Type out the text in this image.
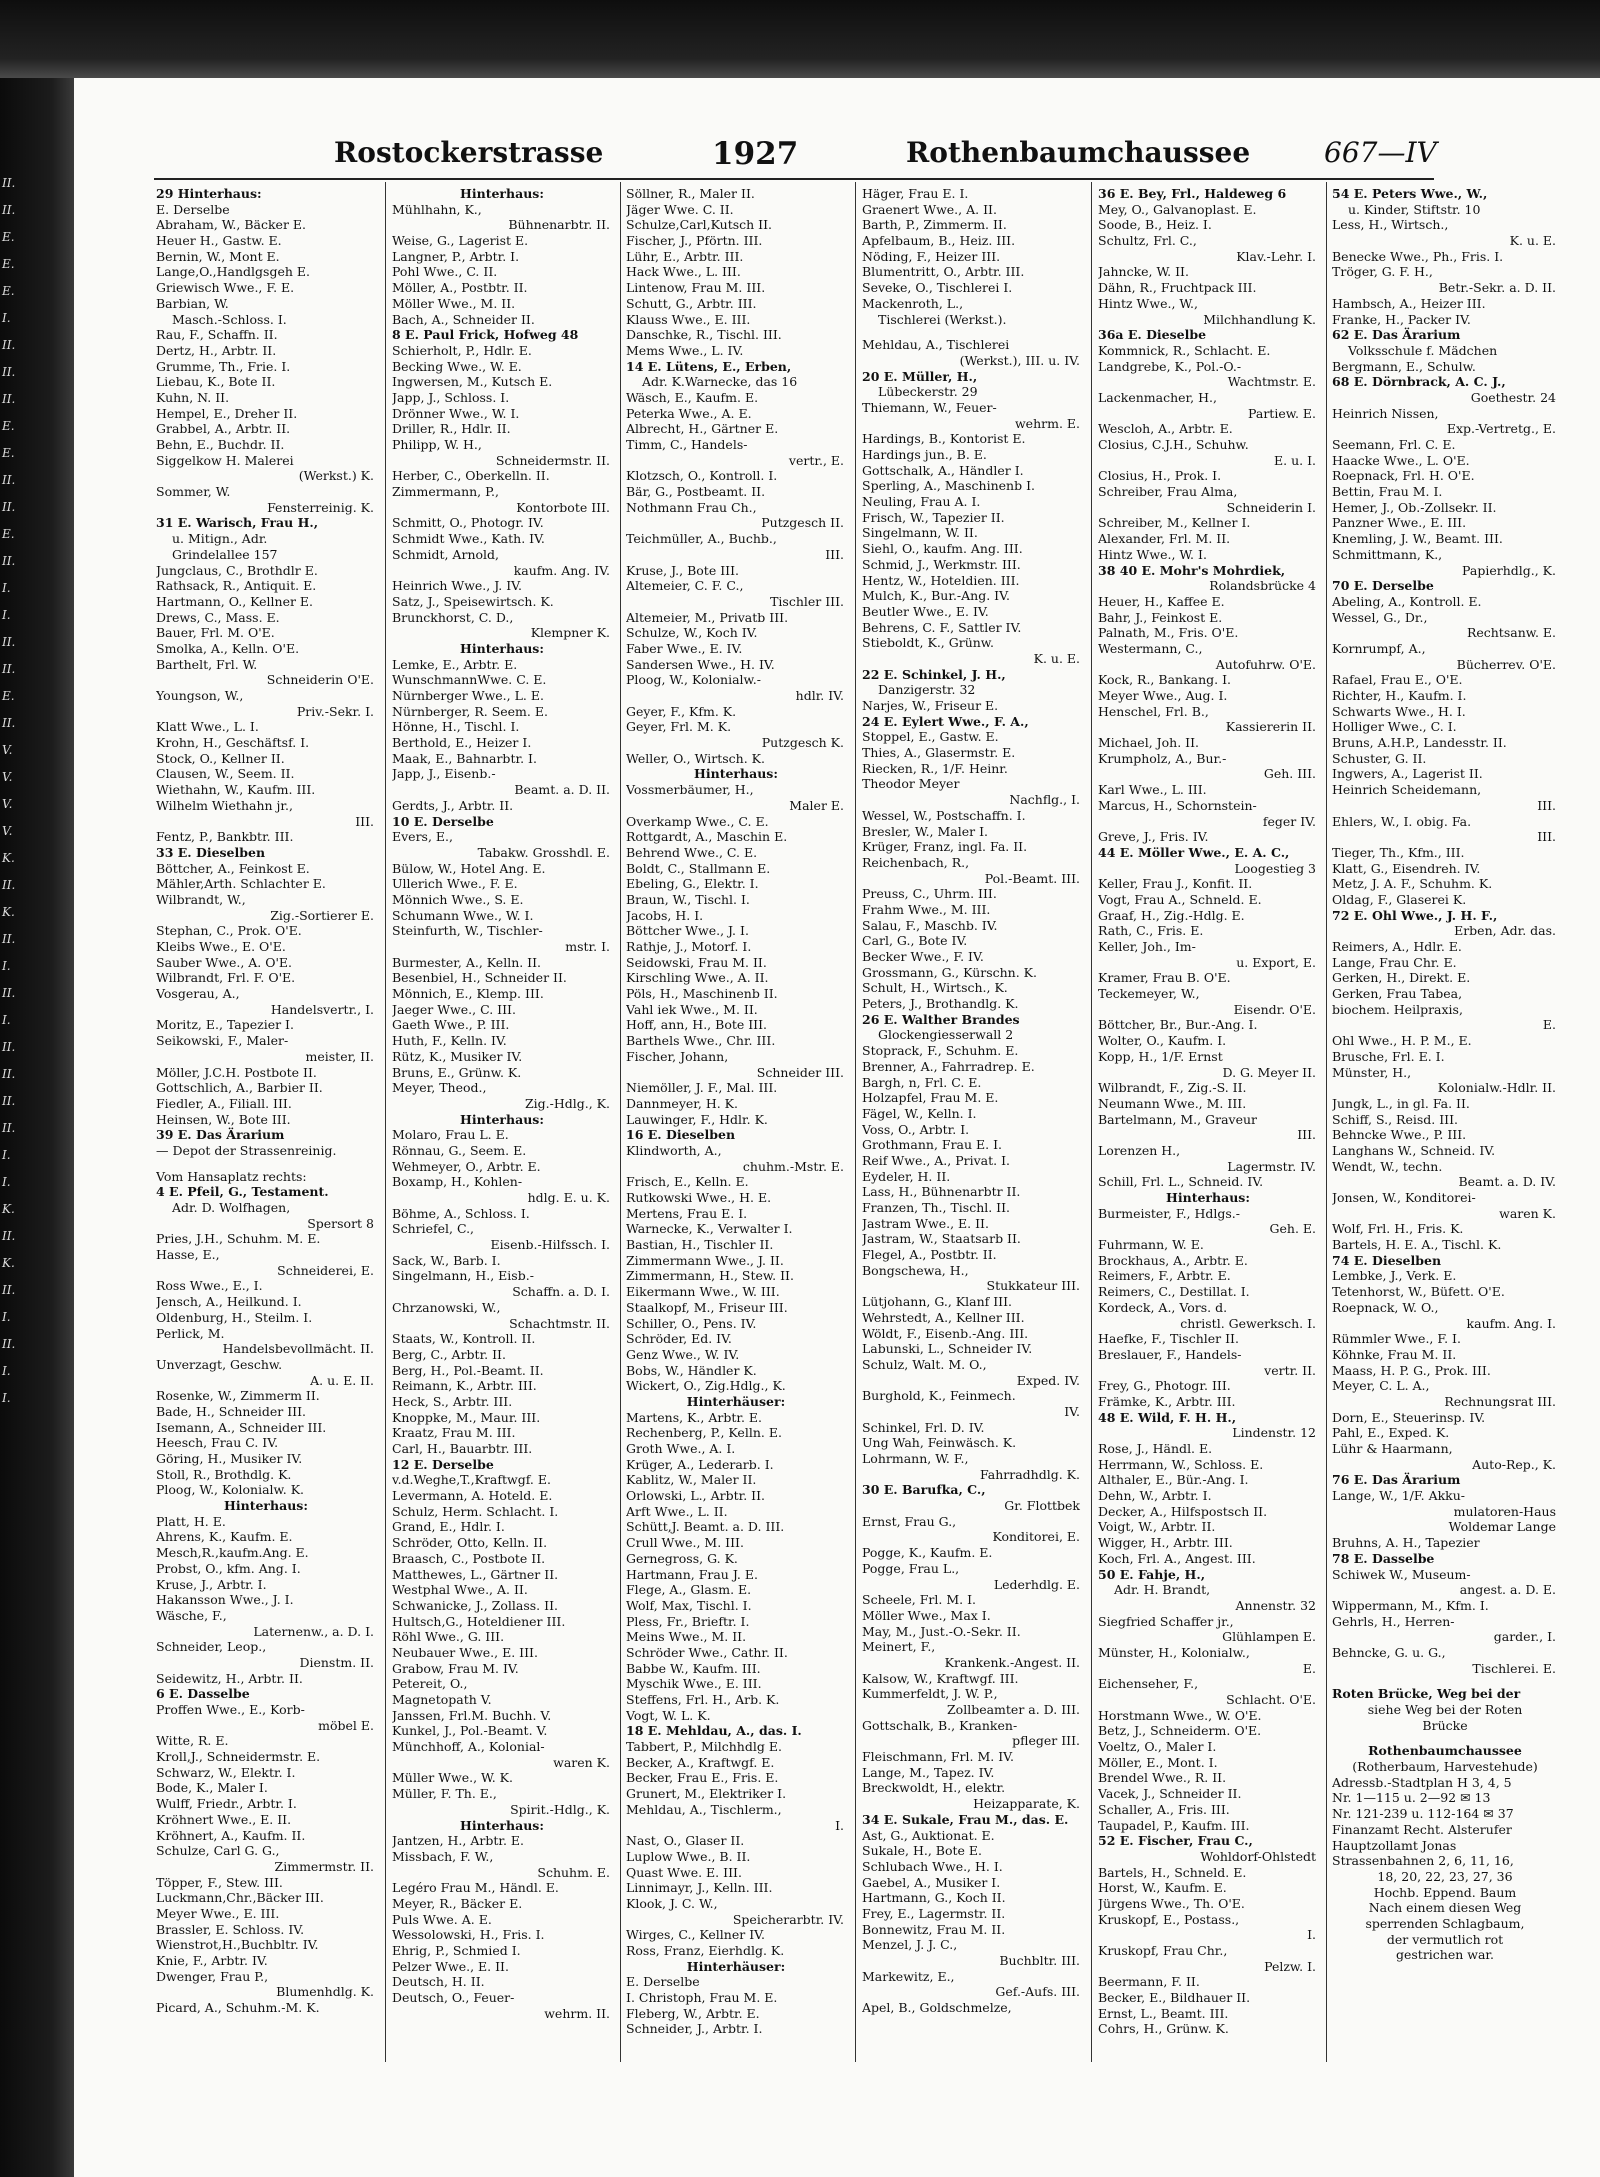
II.
II.
E.
E.
E.
I.
II.
II.
II.
E.
E.
II.
II.
E.
II.
I.
I.
II.
II.
E.
II.
V.
V.
V.
V.
K.
II.
K.
II.
I.
II.
I.
II.
II.
II.
II.
I.
I.
K.
II.
K.
II.
I.
II.
I.
I.
Rostockerstrasse	1927	Rothenbaumchaussee	667—IV
29 Hinterhaus:
E. Derselbe
Abraham, W., Bäcker E.
Heuer H., Gastw. E.
Bernin, W., Mont E.
Lange,O.,Handlgsgeh E.
Griewisch Wwe., F. E.
Barbian, W.
Masch.-Schloss. I.
Rau, F., Schaffn. II.
Dertz, H., Arbtr. II.
Grumme, Th., Frie. I.
Liebau, K., Bote II.
Kuhn, N. II.
Hempel, E., Dreher II.
Grabbel, A., Arbtr. II.
Behn, E., Buchdr. II.
Siggelkow H. Malerei
(Werkst.) K.
Sommer, W.
Fensterreinig. K.
31 E. Warisch, Frau H.,
u. Mitign., Adr.
Grindelallee 157
Jungclaus, C., Brothdlr E.
Rathsack, R., Antiquit. E.
Hartmann, O., Kellner E.
Drews, C., Mass. E.
Bauer, Frl. M. O'E.
Smolka, A., Kelln. O'E.
Barthelt, Frl. W.
Schneiderin O'E.
Youngson, W.,
Priv.-Sekr. I.
Klatt Wwe., L. I.
Krohn, H., Geschäftsf. I.
Stock, O., Kellner II.
Clausen, W., Seem. II.
Wiethahn, W., Kaufm. III.
Wilhelm Wiethahn jr.,
III.
Fentz, P., Bankbtr. III.
33 E. Dieselben
Böttcher, A., Feinkost E.
Mähler,Arth. Schlachter E.
Wilbrandt, W.,
Zig.-Sortierer E.
Stephan, C., Prok. O'E.
Kleibs Wwe., E. O'E.
Sauber Wwe., A. O'E.
Wilbrandt, Frl. F. O'E.
Vosgerau, A.,
Handelsvertr., I.
Moritz, E., Tapezier I.
Seikowski, F., Maler-
meister, II.
Möller, J.C.H. Postbote II.
Gottschlich, A., Barbier II.
Fiedler, A., Filiall. III.
Heinsen, W., Bote III.
39 E. Das Ärarium
— Depot der Strassenreinig.
Vom Hansaplatz rechts:
4 E. Pfeil, G., Testament.
Adr. D. Wolfhagen,
Spersort 8
Pries, J.H., Schuhm. M. E.
Hasse, E.,
Schneiderei, E.
Ross Wwe., E., I.
Jensch, A., Heilkund. I.
Oldenburg, H., Steilm. I.
Perlick, M.
Handelsbevollmächt. II.
Unverzagt, Geschw.
A. u. E. II.
Rosenke, W., Zimmerm II.
Bade, H., Schneider III.
Isemann, A., Schneider III.
Heesch, Frau C. IV.
Göring, H., Musiker IV.
Stoll, R., Brothdlg. K.
Ploog, W., Kolonialw. K.
Hinterhaus:
Platt, H. E.
Ahrens, K., Kaufm. E.
Mesch,R.,kaufm.Ang. E.
Probst, O., kfm. Ang. I.
Kruse, J., Arbtr. I.
Hakansson Wwe., J. I.
Wäsche, F.,
Laternenw., a. D. I.
Schneider, Leop.,
Dienstm. II.
Seidewitz, H., Arbtr. II.
6 E. Dasselbe
Proffen Wwe., E., Korb-
möbel E.
Witte, R. E.
Kroll,J., Schneidermstr. E.
Schwarz, W., Elektr. I.
Bode, K., Maler I.
Wulff, Friedr., Arbtr. I.
Kröhnert Wwe., E. II.
Kröhnert, A., Kaufm. II.
Schulze, Carl G. G.,
Zimmermstr. II.
Töpper, F., Stew. III.
Luckmann,Chr.,Bäcker III.
Meyer Wwe., E. III.
Brassler, E. Schloss. IV.
Wienstrot,H.,Buchbltr. IV.
Knie, F., Arbtr. IV.
Dwenger, Frau P.,
Blumenhdlg. K.
Picard, A., Schuhm.-M. K.
Hinterhaus:
Mühlhahn, K.,
Bühnenarbtr. II.
Weise, G., Lagerist E.
Langner, P., Arbtr. I.
Pohl Wwe., C. II.
Möller, A., Postbtr. II.
Möller Wwe., M. II.
Bach, A., Schneider II.
8 E. Paul Frick, Hofweg 48
Schierholt, P., Hdlr. E.
Becking Wwe., W. E.
Ingwersen, M., Kutsch E.
Japp, J., Schloss. I.
Drönner Wwe., W. I.
Driller, R., Hdlr. II.
Philipp, W. H.,
Schneidermstr. II.
Herber, C., Oberkelln. II.
Zimmermann, P.,
Kontorbote III.
Schmitt, O., Photogr. IV.
Schmidt Wwe., Kath. IV.
Schmidt, Arnold,
kaufm. Ang. IV.
Heinrich Wwe., J. IV.
Satz, J., Speisewirtsch. K.
Brunckhorst, C. D.,
Klempner K.
Hinterhaus:
Lemke, E., Arbtr. E.
WunschmannWwe. C. E.
Nürnberger Wwe., L. E.
Nürnberger, R. Seem. E.
Hönne, H., Tischl. I.
Berthold, E., Heizer I.
Maak, E., Bahnarbtr. I.
Japp, J., Eisenb.-
Beamt. a. D. II.
Gerdts, J., Arbtr. II.
10 E. Derselbe
Evers, E.,
Tabakw. Grosshdl. E.
Bülow, W., Hotel Ang. E.
Ullerich Wwe., F. E.
Mönnich Wwe., S. E.
Schumann Wwe., W. I.
Steinfurth, W., Tischler-
mstr. I.
Burmester, A., Kelln. II.
Besenbiel, H., Schneider II.
Mönnich, E., Klemp. III.
Jaeger Wwe., C. III.
Gaeth Wwe., P. III.
Huth, F., Kelln. IV.
Rütz, K., Musiker IV.
Bruns, E., Grünw. K.
Meyer, Theod.,
Zig.-Hdlg., K.
Hinterhaus:
Molaro, Frau L. E.
Rönnau, G., Seem. E.
Wehmeyer, O., Arbtr. E.
Boxamp, H., Kohlen-
hdlg. E. u. K.
Böhme, A., Schloss. I.
Schriefel, C.,
Eisenb.-Hilfssch. I.
Sack, W., Barb. I.
Singelmann, H., Eisb.-
Schaffn. a. D. I.
Chrzanowski, W.,
Schachtmstr. II.
Staats, W., Kontroll. II.
Berg, C., Arbtr. II.
Berg, H., Pol.-Beamt. II.
Reimann, K., Arbtr. III.
Heck, S., Arbtr. III.
Knoppke, M., Maur. III.
Kraatz, Frau M. III.
Carl, H., Bauarbtr. III.
12 E. Derselbe
v.d.Weghe,T.,Kraftwgf. E.
Levermann, A. Hoteld. E.
Schulz, Herm. Schlacht. I.
Grand, E., Hdlr. I.
Schröder, Otto, Kelln. II.
Braasch, C., Postbote II.
Matthewes, L., Gärtner II.
Westphal Wwe., A. II.
Schwanicke, J., Zollass. II.
Hultsch,G., Hoteldiener III.
Röhl Wwe., G. III.
Neubauer Wwe., E. III.
Grabow, Frau M. IV.
Petereit, O.,
Magnetopath V.
Janssen, Frl.M. Buchh. V.
Kunkel, J., Pol.-Beamt. V.
Münchhoff, A., Kolonial-
waren K.
Müller Wwe., W. K.
Müller, F. Th. E.,
Spirit.-Hdlg., K.
Hinterhaus:
Jantzen, H., Arbtr. E.
Missbach, F. W.,
Schuhm. E.
Legéro Frau M., Händl. E.
Meyer, R., Bäcker E.
Puls Wwe. A. E.
Wessolowski, H., Fris. I.
Ehrig, P., Schmied I.
Pelzer Wwe., E. II.
Deutsch, H. II.
Deutsch, O., Feuer-
wehrm. II.
Söllner, R., Maler II.
Jäger Wwe. C. II.
Schulze,Carl,Kutsch II.
Fischer, J., Pförtn. III.
Lühr, E., Arbtr. III.
Hack Wwe., L. III.
Lintenow, Frau M. III.
Schutt, G., Arbtr. III.
Klauss Wwe., E. III.
Danschke, R., Tischl. III.
Mems Wwe., L. IV.
14 E. Lütens, E., Erben,
Adr. K.Warnecke, das 16
Wäsch, E., Kaufm. E.
Peterka Wwe., A. E.
Albrecht, H., Gärtner E.
Timm, C., Handels-
vertr., E.
Klotzsch, O., Kontroll. I.
Bär, G., Postbeamt. II.
Nothmann Frau Ch.,
Putzgesch II.
Teichmüller, A., Buchb.,
III.
Kruse, J., Bote III.
Altemeier, C. F. C.,
Tischler III.
Altemeier, M., Privatb III.
Schulze, W., Koch IV.
Faber Wwe., E. IV.
Sandersen Wwe., H. IV.
Ploog, W., Kolonialw.-
hdlr. IV.
Geyer, F., Kfm. K.
Geyer, Frl. M. K.
Putzgesch K.
Weller, O., Wirtsch. K.
Hinterhaus:
Vossmerbäumer, H.,
Maler E.
Overkamp Wwe., C. E.
Rottgardt, A., Maschin E.
Behrend Wwe., C. E.
Boldt, C., Stallmann E.
Ebeling, G., Elektr. I.
Braun, W., Tischl. I.
Jacobs, H. I.
Böttcher Wwe., J. I.
Rathje, J., Motorf. I.
Seidowski, Frau M. II.
Kirschling Wwe., A. II.
Pöls, H., Maschinenb II.
Vahl iek Wwe., M. II.
Hoff, ann, H., Bote III.
Barthels Wwe., Chr. III.
Fischer, Johann,
Schneider III.
Niemöller, J. F., Mal. III.
Dannmeyer, H. K.
Lauwinger, F., Hdlr. K.
16 E. Dieselben
Klindworth, A.,
chuhm.-Mstr. E.
Frisch, E., Kelln. E.
Rutkowski Wwe., H. E.
Mertens, Frau E. I.
Warnecke, K., Verwalter I.
Bastian, H., Tischler II.
Zimmermann Wwe., J. II.
Zimmermann, H., Stew. II.
Eikermann Wwe., W. III.
Staalkopf, M., Friseur III.
Schiller, O., Pens. IV.
Schröder, Ed. IV.
Genz Wwe., W. IV.
Bobs, W., Händler K.
Wickert, O., Zig.Hdlg., K.
Hinterhäuser:
Martens, K., Arbtr. E.
Rechenberg, P., Kelln. E.
Groth Wwe., A. I.
Krüger, A., Lederarb. I.
Kablitz, W., Maler II.
Orlowski, L., Arbtr. II.
Arft Wwe., L. II.
Schütt,J. Beamt. a. D. III.
Crull Wwe., M. III.
Gernegross, G. K.
Hartmann, Frau J. E.
Flege, A., Glasm. E.
Wolf, Max, Tischl. I.
Pless, Fr., Brieftr. I.
Meins Wwe., M. II.
Schröder Wwe., Cathr. II.
Babbe W., Kaufm. III.
Myschik Wwe., E. III.
Steffens, Frl. H., Arb. K.
Vogt, W. L. K.
18 E. Mehldau, A., das. I.
Tabbert, P., Milchhdlg E.
Becker, A., Kraftwgf. E.
Becker, Frau E., Fris. E.
Grunert, M., Elektriker I.
Mehldau, A., Tischlerm.,
I.
Nast, O., Glaser II.
Luplow Wwe., B. II.
Quast Wwe. E. III.
Linnimayr, J., Kelln. III.
Klook, J. C. W.,
Speicherarbtr. IV.
Wirges, C., Kellner IV.
Ross, Franz, Eierhdlg. K.
Hinterhäuser:
E. Derselbe
I. Christoph, Frau M. E.
Fleberg, W., Arbtr. E.
Schneider, J., Arbtr. I.
Häger, Frau E. I.
Graenert Wwe., A. II.
Barth, P., Zimmerm. II.
Apfelbaum, B., Heiz. III.
Nöding, F., Heizer III.
Blumentritt, O., Arbtr. III.
Seveke, O., Tischlerei I.
Mackenroth, L.,
Tischlerei (Werkst.).
Mehldau, A., Tischlerei
(Werkst.), III. u. IV.
20 E. Müller, H.,
Lübeckerstr. 29
Thiemann, W., Feuer-
wehrm. E.
Hardings, B., Kontorist E.
Hardings jun., B. E.
Gottschalk, A., Händler I.
Sperling, A., Maschinenb I.
Neuling, Frau A. I.
Frisch, W., Tapezier II.
Singelmann, W. II.
Siehl, O., kaufm. Ang. III.
Schmid, J., Werkmstr. III.
Hentz, W., Hoteldien. III.
Mulch, K., Bur.-Ang. IV.
Beutler Wwe., E. IV.
Behrens, C. F., Sattler IV.
Stieboldt, K., Grünw.
K. u. E.
22 E. Schinkel, J. H.,
Danzigerstr. 32
Narjes, W., Friseur E.
24 E. Eylert Wwe., F. A.,
Stoppel, E., Gastw. E.
Thies, A., Glasermstr. E.
Riecken, R., 1/F. Heinr.
Theodor Meyer
Nachflg., I.
Wessel, W., Postschaffn. I.
Bresler, W., Maler I.
Krüger, Franz, ingl. Fa. II.
Reichenbach, R.,
Pol.-Beamt. III.
Preuss, C., Uhrm. III.
Frahm Wwe., M. III.
Salau, F., Maschb. IV.
Carl, G., Bote IV.
Becker Wwe., F. IV.
Grossmann, G., Kürschn. K.
Schult, H., Wirtsch., K.
Peters, J., Brothandlg. K.
26 E. Walther Brandes
Glockengiesserwall 2
Stoprack, F., Schuhm. E.
Brenner, A., Fahrradrep. E.
Bargh, n, Frl. C. E.
Holzapfel, Frau M. E.
Fägel, W., Kelln. I.
Voss, O., Arbtr. I.
Grothmann, Frau E. I.
Reif Wwe., A., Privat. I.
Eydeler, H. II.
Lass, H., Bühnenarbtr II.
Franzen, Th., Tischl. II.
Jastram Wwe., E. II.
Jastram, W., Staatsarb II.
Flegel, A., Postbtr. II.
Bongschewa, H.,
Stukkateur III.
Lütjohann, G., Klanf III.
Wehrstedt, A., Kellner III.
Wöldt, F., Eisenb.-Ang. III.
Labunski, L., Schneider IV.
Schulz, Walt. M. O.,
Exped. IV.
Burghold, K., Feinmech.
IV.
Schinkel, Frl. D. IV.
Ung Wah, Feinwäsch. K.
Lohrmann, W. F.,
Fahrradhdlg. K.
30 E. Barufka, C.,
Gr. Flottbek
Ernst, Frau G.,
Konditorei, E.
Pogge, K., Kaufm. E.
Pogge, Frau L.,
Lederhdlg. E.
Scheele, Frl. M. I.
Möller Wwe., Max I.
May, M., Just.-O.-Sekr. II.
Meinert, F.,
Krankenk.-Angest. II.
Kalsow, W., Kraftwgf. III.
Kummerfeldt, J. W. P.,
Zollbeamter a. D. III.
Gottschalk, B., Kranken-
pfleger III.
Fleischmann, Frl. M. IV.
Lange, M., Tapez. IV.
Breckwoldt, H., elektr.
Heizapparate, K.
34 E. Sukale, Frau M., das. E.
Ast, G., Auktionat. E.
Sukale, H., Bote E.
Schlubach Wwe., H. I.
Gaebel, A., Musiker I.
Hartmann, G., Koch II.
Frey, E., Lagermstr. II.
Bonnewitz, Frau M. II.
Menzel, J. J. C.,
Buchbltr. III.
Markewitz, E.,
Gef.-Aufs. III.
Apel, B., Goldschmelze,
36 E. Bey, Frl., Haldeweg 6
Mey, O., Galvanoplast. E.
Soode, B., Heiz. I.
Schultz, Frl. C.,
Klav.-Lehr. I.
Jahncke, W. II.
Dähn, R., Fruchtpack III.
Hintz Wwe., W.,
Milchhandlung K.
36a E. Dieselbe
Kommnick, R., Schlacht. E.
Landgrebe, K., Pol.-O.-
Wachtmstr. E.
Lackenmacher, H.,
Partiew. E.
Wescloh, A., Arbtr. E.
Closius, C.J.H., Schuhw.
E. u. I.
Closius, H., Prok. I.
Schreiber, Frau Alma,
Schneiderin I.
Schreiber, M., Kellner I.
Alexander, Frl. M. II.
Hintz Wwe., W. I.
38 40 E. Mohr's Mohrdiek,
Rolandsbrücke 4
Heuer, H., Kaffee E.
Bahr, J., Feinkost E.
Palnath, M., Fris. O'E.
Westermann, C.,
Autofuhrw. O'E.
Kock, R., Bankang. I.
Meyer Wwe., Aug. I.
Henschel, Frl. B.,
Kassiererin II.
Michael, Joh. II.
Krumpholz, A., Bur.-
Geh. III.
Karl Wwe., L. III.
Marcus, H., Schornstein-
feger IV.
Greve, J., Fris. IV.
44 E. Möller Wwe., E. A. C.,
Loogestieg 3
Keller, Frau J., Konfit. II.
Vogt, Frau A., Schneld. E.
Graaf, H., Zig.-Hdlg. E.
Rath, C., Fris. E.
Keller, Joh., Im-
u. Export, E.
Kramer, Frau B. O'E.
Teckemeyer, W.,
Eisendr. O'E.
Böttcher, Br., Bur.-Ang. I.
Wolter, O., Kaufm. I.
Kopp, H., 1/F. Ernst
D. G. Meyer II.
Wilbrandt, F., Zig.-S. II.
Neumann Wwe., M. III.
Bartelmann, M., Graveur
III.
Lorenzen H.,
Lagermstr. IV.
Schill, Frl. L., Schneid. IV.
Hinterhaus:
Burmeister, F., Hdlgs.-
Geh. E.
Fuhrmann, W. E.
Brockhaus, A., Arbtr. E.
Reimers, F., Arbtr. E.
Reimers, C., Destillat. I.
Kordeck, A., Vors. d.
christl. Gewerksch. I.
Haefke, F., Tischler II.
Breslauer, F., Handels-
vertr. II.
Frey, G., Photogr. III.
Främke, K., Arbtr. III.
48 E. Wild, F. H. H.,
Lindenstr. 12
Rose, J., Händl. E.
Herrmann, W., Schloss. E.
Althaler, E., Bür.-Ang. I.
Dehn, W., Arbtr. I.
Decker, A., Hilfspostsch II.
Voigt, W., Arbtr. II.
Wigger, H., Arbtr. III.
Koch, Frl. A., Angest. III.
50 E. Fahje, H.,
Adr. H. Brandt,
Annenstr. 32
Siegfried Schaffer jr.,
Glühlampen E.
Münster, H., Kolonialw.,
E.
Eichenseher, F.,
Schlacht. O'E.
Horstmann Wwe., W. O'E.
Betz, J., Schneiderm. O'E.
Voeltz, O., Maler I.
Möller, E., Mont. I.
Brendel Wwe., R. II.
Vacek, J., Schneider II.
Schaller, A., Fris. III.
Taupadel, P., Kaufm. III.
52 E. Fischer, Frau C.,
Wohldorf-Ohlstedt
Bartels, H., Schneld. E.
Horst, W., Kaufm. E.
Jürgens Wwe., Th. O'E.
Kruskopf, E., Postass.,
I.
Kruskopf, Frau Chr.,
Pelzw. I.
Beermann, F. II.
Becker, E., Bildhauer II.
Ernst, L., Beamt. III.
Cohrs, H., Grünw. K.
54 E. Peters Wwe., W.,
u. Kinder, Stiftstr. 10
Less, H., Wirtsch.,
K. u. E.
Benecke Wwe., Ph., Fris. I.
Tröger, G. F. H.,
Betr.-Sekr. a. D. II.
Hambsch, A., Heizer III.
Franke, H., Packer IV.
62 E. Das Ärarium
Volksschule f. Mädchen
Bergmann, E., Schulw.
68 E. Dörnbrack, A. C. J.,
Goethestr. 24
Heinrich Nissen,
Exp.-Vertretg., E.
Seemann, Frl. C. E.
Haacke Wwe., L. O'E.
Roepnack, Frl. H. O'E.
Bettin, Frau M. I.
Hemer, J., Ob.-Zollsekr. II.
Panzner Wwe., E. III.
Knemling, J. W., Beamt. III.
Schmittmann, K.,
Papierhdlg., K.
70 E. Derselbe
Abeling, A., Kontroll. E.
Wessel, G., Dr.,
Rechtsanw. E.
Kornrumpf, A.,
Bücherrev. O'E.
Rafael, Frau E., O'E.
Richter, H., Kaufm. I.
Schwarts Wwe., H. I.
Holliger Wwe., C. I.
Bruns, A.H.P., Landesstr. II.
Schuster, G. II.
Ingwers, A., Lagerist II.
Heinrich Scheidemann,
III.
Ehlers, W., I. obig. Fa.
III.
Tieger, Th., Kfm., III.
Klatt, G., Eisendreh. IV.
Metz, J. A. F., Schuhm. K.
Oldag, F., Glaserei K.
72 E. Ohl Wwe., J. H. F.,
Erben, Adr. das.
Reimers, A., Hdlr. E.
Lange, Frau Chr. E.
Gerken, H., Direkt. E.
Gerken, Frau Tabea,
biochem. Heilpraxis,
E.
Ohl Wwe., H. P. M., E.
Brusche, Frl. E. I.
Münster, H.,
Kolonialw.-Hdlr. II.
Jungk, L., in gl. Fa. II.
Schiff, S., Reisd. III.
Behncke Wwe., P. III.
Langhans W., Schneid. IV.
Wendt, W., techn.
Beamt. a. D. IV.
Jonsen, W., Konditorei-
waren K.
Wolf, Frl. H., Fris. K.
Bartels, H. E. A., Tischl. K.
74 E. Dieselben
Lembke, J., Verk. E.
Tetenhorst, W., Büfett. O'E.
Roepnack, W. O.,
kaufm. Ang. I.
Rümmler Wwe., F. I.
Köhnke, Frau M. II.
Maass, H. P. G., Prok. III.
Meyer, C. L. A.,
Rechnungsrat III.
Dorn, E., Steuerinsp. IV.
Pahl, E., Exped. K.
Lühr & Haarmann,
Auto-Rep., K.
76 E. Das Ärarium
Lange, W., 1/F. Akku-
mulatoren-Haus
Woldemar Lange
Bruhns, A. H., Tapezier
78 E. Dasselbe
Schiwek W., Museum-
angest. a. D. E.
Wippermann, M., Kfm. I.
Gehrls, H., Herren-
garder., I.
Behncke, G. u. G.,
Tischlerei. E.
Roten Brücke, Weg bei der
siehe Weg bei der Roten
Brücke
Rothenbaumchaussee
(Rotherbaum, Harvestehude)
Adressb.-Stadtplan H 3, 4, 5
Nr. 1—115 u. 2—92 ✉ 13
Nr. 121-239 u. 112-164 ✉ 37
Finanzamt Recht. Alsterufer
Hauptzollamt Jonas
Strassenbahnen 2, 6, 11, 16,
18, 20, 22, 23, 27, 36
Hochb. Eppend. Baum
Nach einem diesen Weg
sperrenden Schlagbaum,
der vermutlich rot
gestrichen war.
